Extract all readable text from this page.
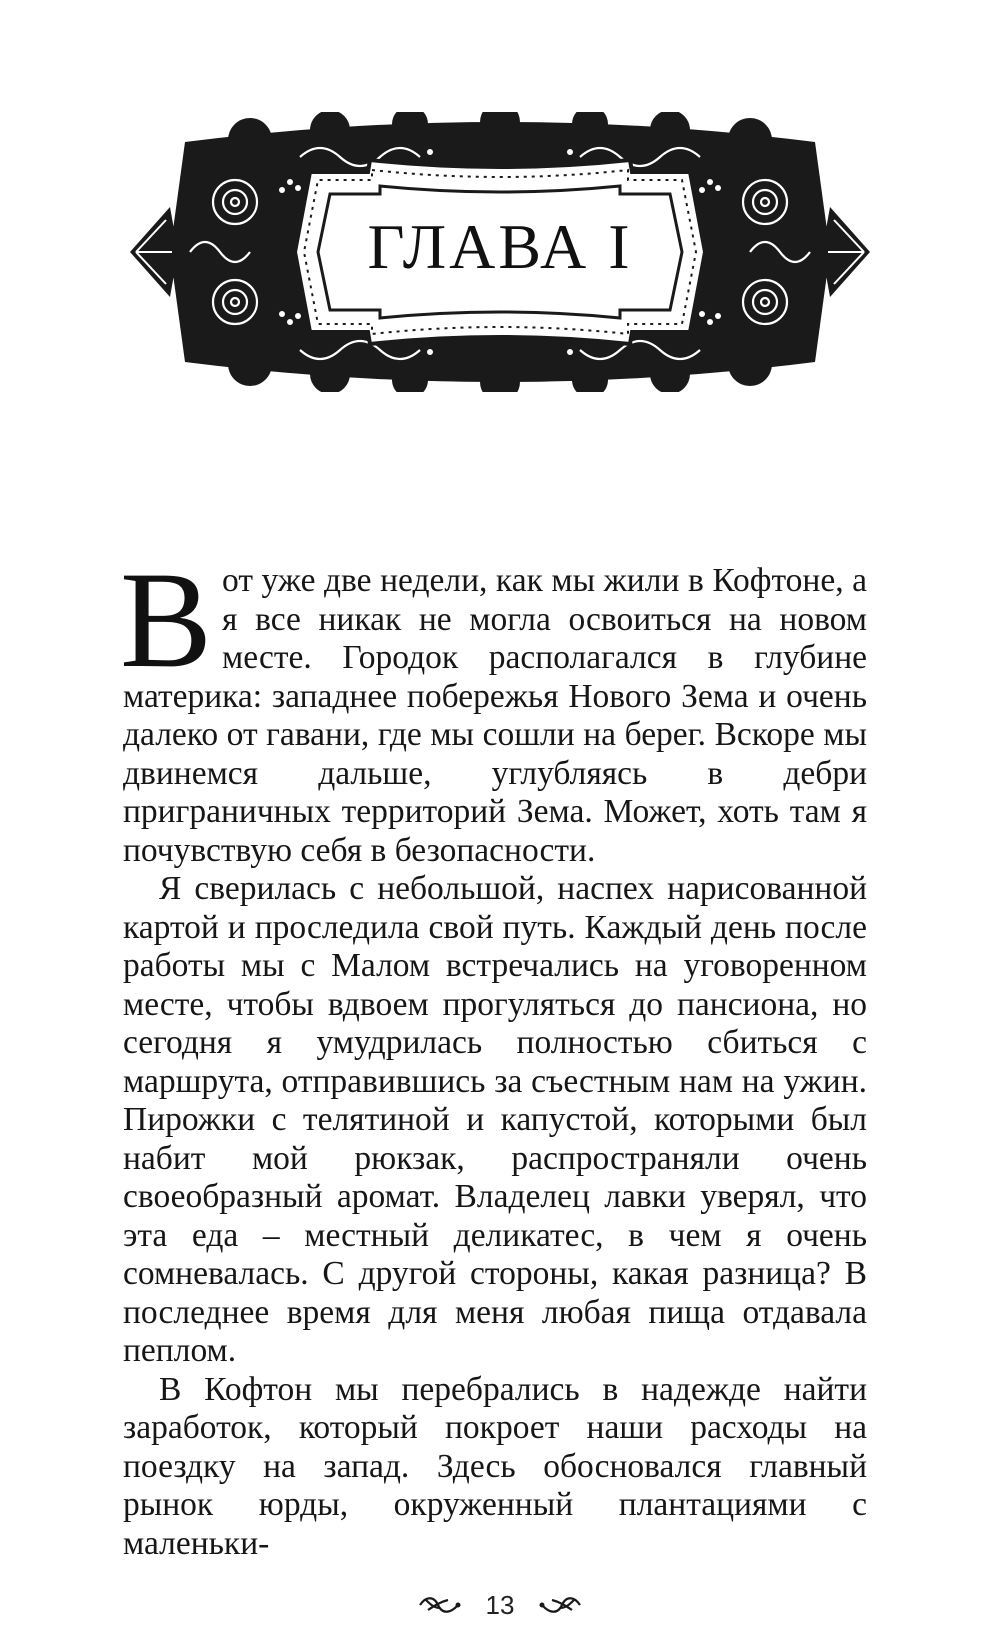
ГЛАВА I

Вот уже две недели, как мы жили в Кофтоне, а я все никак не могла освоиться на новом месте. Городок располагался в глубине материка: западнее побережья Нового Зема и очень далеко от гавани, где мы сошли на берег. Вскоре мы двинемся дальше, углубляясь в дебри приграничных территорий Зема. Может, хоть там я почувствую себя в безопасности.

Я сверилась с небольшой, наспех нарисованной картой и проследила свой путь. Каждый день после работы мы с Малом встречались на уговоренном месте, чтобы вдвоем прогуляться до пансиона, но сегодня я умудрилась полностью сбиться с маршрута, отправившись за съестным нам на ужин. Пирожки с телятиной и капустой, которыми был набит мой рюкзак, распространяли очень своеобразный аромат. Владелец лавки уверял, что эта еда – местный деликатес, в чем я очень сомневалась. С другой стороны, какая разница? В последнее время для меня любая пища отдавала пеплом.

В Кофтон мы перебрались в надежде найти заработок, который покроет наши расходы на поездку на запад. Здесь обосновался главный рынок юрды, окруженный плантациями с маленьки-

13
